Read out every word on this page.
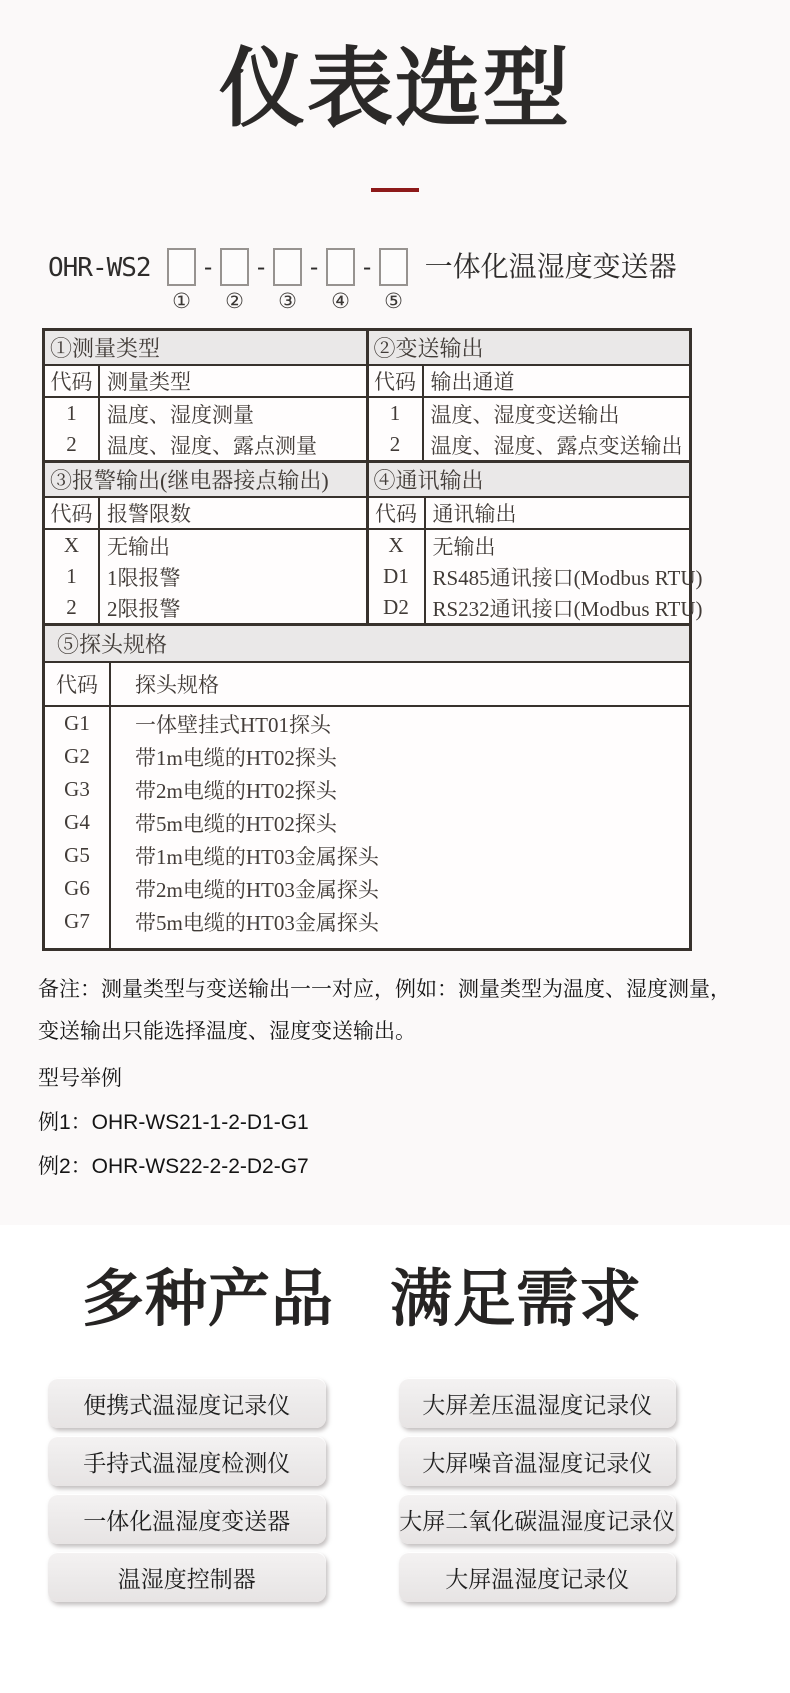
仪表选型
OHR-WS2
①
-
②
-
③
-
④
-
⑤
一体化温湿度变送器
①测量类型
代码 测量类型
1	温度、湿度测量
2	温度、湿度、露点测量
②变送输出
代码 输出通道
1	温度、湿度变送输出
2	温度、湿度、露点变送输出
③报警输出(继电器接点输出)
代码 报警限数
X	无输出
1	1限报警
2	2限报警
④通讯输出
代码 通讯输出
X	无输出
D1	RS485通讯接口(Modbus RTU)
D2	RS232通讯接口(Modbus RTU)
⑤探头规格
代码	探头规格
G1	一体壁挂式HT01探头
G2	带1m电缆的HT02探头
G3	带2m电缆的HT02探头
G4	带5m电缆的HT02探头
G5	带1m电缆的HT03金属探头
G6	带2m电缆的HT03金属探头
G7	带5m电缆的HT03金属探头

备注：测量类型与变送输出一一对应，例如：测量类型为温度、湿度测量，变送输出只能选择温度、湿度变送输出。

型号举例

例1：OHR-WS21-1-2-D1-G1

例2：OHR-WS22-2-2-D2-G7

多种产品 满足需求
便携式温湿度记录仪
手持式温湿度检测仪
一体化温湿度变送器
温湿度控制器
大屏差压温湿度记录仪
大屏噪音温湿度记录仪
大屏二氧化碳温湿度记录仪
大屏温湿度记录仪
